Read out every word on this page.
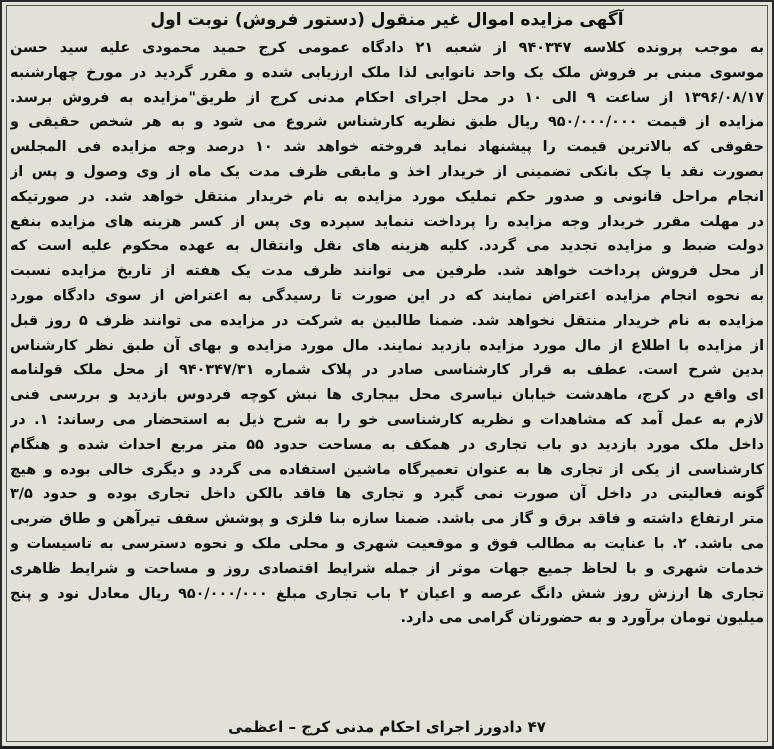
آگهی مزایده اموال غیر منقول (دستور فروش) نوبت اول
به موجب پرونده کلاسه ۹۴۰۳۴۷ از شعبه ۲۱ دادگاه عمومی کرج حمید محمودی علیه سید حسن
موسوی مبنی بر فروش ملک یک واحد نانوایی لذا ملک ارزیابی شده و مقرر گردید در مورخ چهارشنبه
۱۳۹۶/۰۸/۱۷ از ساعت ۹ الی ۱۰ در محل اجرای احکام مدنی کرج از طریق"مزایده به فروش برسد.
مزایده از قیمت ۹۵۰/۰۰۰/۰۰۰ ریال طبق نظریه کارشناس شروع می شود و به هر شخص حقیقی و
حقوقی که بالاترین قیمت را پیشنهاد نماید فروخته خواهد شد ۱۰ درصد وجه مزایده فی المجلس
بصورت نقد یا چک بانکی تضمینی از خریدار اخذ و مابقی ظرف مدت یک ماه از وی وصول و پس از
انجام مراحل قانونی و صدور حکم تملیک مورد مزایده به نام خریدار منتقل خواهد شد. در صورتیکه
در مهلت مقرر خریدار وجه مزایده را پرداخت ننماید سپرده وی پس از کسر هزینه های مزایده بنفع
دولت ضبط و مزایده تجدید می گردد. کلیه هزینه های نقل وانتقال به عهده محکوم علیه است که
از محل فروش پرداخت خواهد شد. طرفین می توانند ظرف مدت یک هفته از تاریخ مزایده نسبت
به نحوه انجام مزایده اعتراض نمایند که در این صورت تا رسیدگی به اعتراض از سوی دادگاه مورد
مزایده به نام خریدار منتقل نخواهد شد. ضمنا طالبین به شرکت در مزایده می توانند ظرف ۵ روز قبل
از مزایده با اطلاع از مال مورد مزایده بازدید نمایند. مال مورد مزایده و بهای آن طبق نظر کارشناس
بدین شرح است. عطف به قرار کارشناسی صادر در پلاک شماره ۹۴۰۳۴۷/۳۱ از محل ملک قولنامه
ای واقع در کرج، ماهدشت خیابان نیاسری محل بیجاری ها نبش کوچه فردوس بازدید و بررسی فنی
لازم به عمل آمد که مشاهدات و نظریه کارشناسی خو را به شرح ذیل به استحضار می رساند: ۱. در
داخل ملک مورد بازدید دو باب تجاری در همکف به مساحت حدود ۵۵ متر مربع احداث شده و هنگام
کارشناسی از یکی از تجاری ها به عنوان تعمیرگاه ماشین استفاده می گردد و دیگری خالی بوده و هیچ
گونه فعالیتی در داخل آن صورت نمی گیرد و تجاری ها فاقد بالکن داخل تجاری بوده و حدود ۳/۵
متر ارتفاع داشته و فاقد برق و گاز می باشد. ضمنا سازه بنا فلزی و پوشش سقف تیرآهن و طاق ضربی
می باشد. ۲. با عنایت به مطالب فوق و موقعیت شهری و محلی ملک و نحوه دسترسی به تاسیسات و
خدمات شهری و با لحاظ جمیع جهات موثر از جمله شرایط اقتصادی روز و مساحت و شرایط ظاهری
تجاری ها ارزش روز شش دانگ عرصه و اعیان ۲ باب تجاری مبلغ ۹۵۰/۰۰۰/۰۰۰ ریال معادل نود و پنج
میلیون تومان برآورد و به حضورتان گرامی می دارد.
۴۷ دادورز اجرای احکام مدنی کرج – اعظمی
